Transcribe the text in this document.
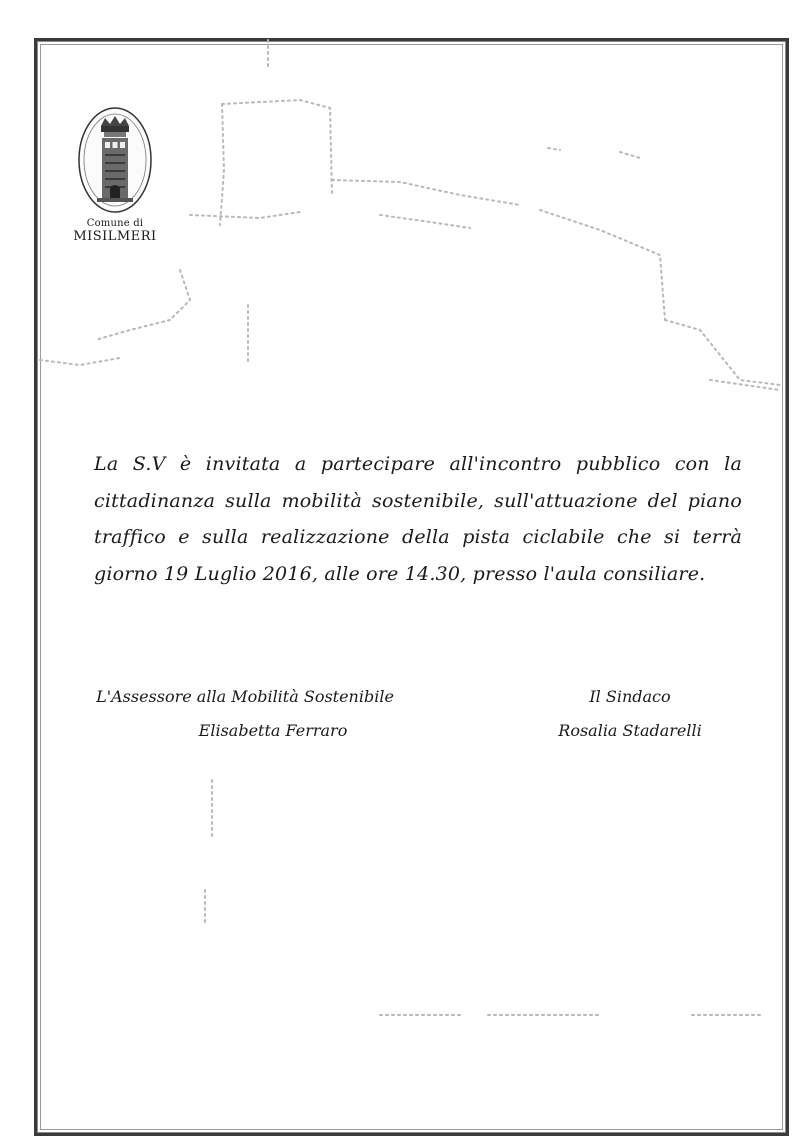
Comune di
MISILMERI
La S.V è invitata a partecipare all'incontro pubblico con la cittadinanza sulla mobilità sostenibile, sull'attuazione del piano traffico e sulla realizzazione della pista ciclabile che si terrà giorno 19 Luglio 2016, alle ore 14.30, presso l'aula consiliare.
L'Assessore alla Mobilità Sostenibile
Elisabetta Ferraro
Il Sindaco
Rosalia Stadarelli
